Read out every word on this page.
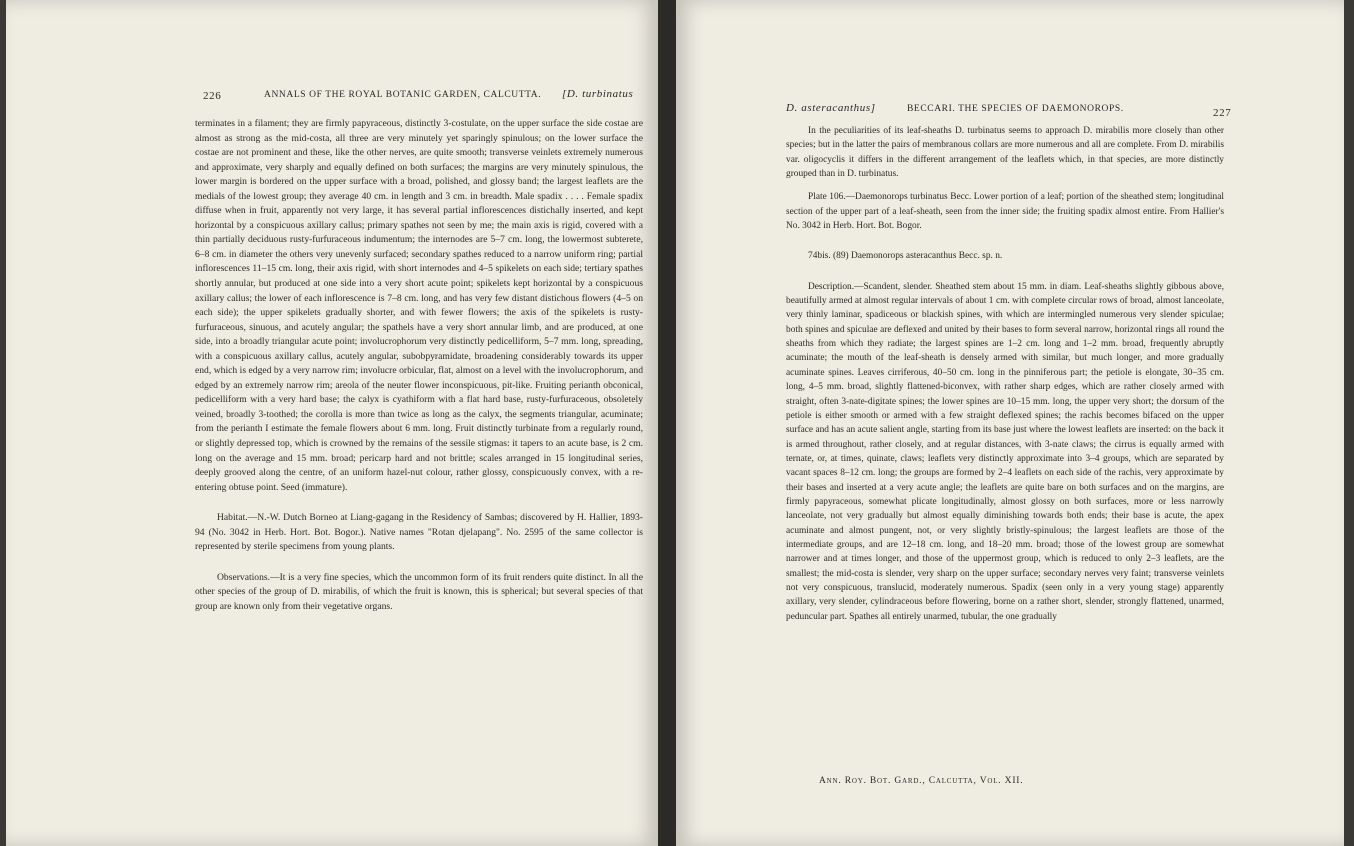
226	ANNALS OF THE ROYAL BOTANIC GARDEN, CALCUTTA. [D. turbinatus

terminates in a filament; they are firmly papyraceous, distinctly 3-costulate, on the upper surface the side costae are almost as strong as the mid-costa, all three are very minutely yet sparingly spinulous; on the lower surface the costae are not prominent and these, like the other nerves, are quite smooth; transverse veinlets extremely numerous and approximate, very sharply and equally defined on both surfaces; the margins are very minutely spinulous, the lower margin is bordered on the upper surface with a broad, polished, and glossy band; the largest leaflets are the medials of the lowest group; they average 40 cm. in length and 3 cm. in breadth. Male spadix . . . . Female spadix diffuse when in fruit, apparently not very large, it has several partial inflorescences distichally inserted, and kept horizontal by a conspicuous axillary callus; primary spathes not seen by me; the main axis is rigid, covered with a thin partially deciduous rusty-furfuraceous indumentum; the internodes are 5–7 cm. long, the lowermost subterete, 6–8 cm. in diameter the others very unevenly surfaced; secondary spathes reduced to a narrow uniform ring; partial inflorescences 11–15 cm. long, their axis rigid, with short internodes and 4–5 spikelets on each side; tertiary spathes shortly annular, but produced at one side into a very short acute point; spikelets kept horizontal by a conspicuous axillary callus; the lower of each inflorescence is 7–8 cm. long, and has very few distant distichous flowers (4–5 on each side); the upper spikelets gradually shorter, and with fewer flowers; the axis of the spikelets is rusty-furfuraceous, sinuous, and acutely angular; the spathels have a very short annular limb, and are produced, at one side, into a broadly triangular acute point; involucrophorum very distinctly pedicelliform, 5–7 mm. long, spreading, with a conspicuous axillary callus, acutely angular, subobpyramidate, broadening considerably towards its upper end, which is edged by a very narrow rim; involucre orbicular, flat, almost on a level with the involucrophorum, and edged by an extremely narrow rim; areola of the neuter flower inconspicuous, pit-like. Fruiting perianth obconical, pedicelliform with a very hard base; the calyx is cyathiform with a flat hard base, rusty-furfuraceous, obsoletely veined, broadly 3-toothed; the corolla is more than twice as long as the calyx, the segments triangular, acuminate; from the perianth I estimate the female flowers about 6 mm. long. Fruit distinctly turbinate from a regularly round, or slightly depressed top, which is crowned by the remains of the sessile stigmas: it tapers to an acute base, is 2 cm. long on the average and 15 mm. broad; pericarp hard and not brittle; scales arranged in 15 longitudinal series, deeply grooved along the centre, of an uniform hazel-nut colour, rather glossy, conspicuously convex, with a re-entering obtuse point. Seed (immature).

Habitat.—N.-W. Dutch Borneo at Liang-gagang in the Residency of Sambas; discovered by H. Hallier, 1893-94 (No. 3042 in Herb. Hort. Bot. Bogor.). Native names "Rotan djelapang". No. 2595 of the same collector is represented by sterile specimens from young plants.

Observations.—It is a very fine species, which the uncommon form of its fruit renders quite distinct. In all the other species of the group of D. mirabilis, of which the fruit is known, this is spherical; but several species of that group are known only from their vegetative organs.

D. asteracanthus]	BECCARI. THE SPECIES OF DAEMONOROPS.	227

In the peculiarities of its leaf-sheaths D. turbinatus seems to approach D. mirabilis more closely than other species; but in the latter the pairs of membranous collars are more numerous and all are complete. From D. mirabilis var. oligocyclis it differs in the different arrangement of the leaflets which, in that species, are more distinctly grouped than in D. turbinatus.

Plate 106.—Daemonorops turbinatus Becc. Lower portion of a leaf; portion of the sheathed stem; longitudinal section of the upper part of a leaf-sheath, seen from the inner side; the fruiting spadix almost entire. From Hallier's No. 3042 in Herb. Hort. Bot. Bogor.

74bis. (89) Daemonorops asteracanthus Becc. sp. n.

Description.—Scandent, slender. Sheathed stem about 15 mm. in diam. Leaf-sheaths slightly gibbous above, beautifully armed at almost regular intervals of about 1 cm. with complete circular rows of broad, almost lanceolate, very thinly laminar, spadiceous or blackish spines, with which are intermingled numerous very slender spiculae; both spines and spiculae are deflexed and united by their bases to form several narrow, horizontal rings all round the sheaths from which they radiate; the largest spines are 1–2 cm. long and 1–2 mm. broad, frequently abruptly acuminate; the mouth of the leaf-sheath is densely armed with similar, but much longer, and more gradually acuminate spines. Leaves cirriferous, 40–50 cm. long in the pinniferous part; the petiole is elongate, 30–35 cm. long, 4–5 mm. broad, slightly flattened-biconvex, with rather sharp edges, which are rather closely armed with straight, often 3-nate-digitate spines; the lower spines are 10–15 mm. long, the upper very short; the dorsum of the petiole is either smooth or armed with a few straight deflexed spines; the rachis becomes bifaced on the upper surface and has an acute salient angle, starting from its base just where the lowest leaflets are inserted: on the back it is armed throughout, rather closely, and at regular distances, with 3-nate claws; the cirrus is equally armed with ternate, or, at times, quinate, claws; leaflets very distinctly approximate into 3–4 groups, which are separated by vacant spaces 8–12 cm. long; the groups are formed by 2–4 leaflets on each side of the rachis, very approximate by their bases and inserted at a very acute angle; the leaflets are quite bare on both surfaces and on the margins, are firmly papyraceous, somewhat plicate longitudinally, almost glossy on both surfaces, more or less narrowly lanceolate, not very gradually but almost equally diminishing towards both ends; their base is acute, the apex acuminate and almost pungent, not, or very slightly bristly-spinulous; the largest leaflets are those of the intermediate groups, and are 12–18 cm. long, and 18–20 mm. broad; those of the lowest group are somewhat narrower and at times longer, and those of the uppermost group, which is reduced to only 2–3 leaflets, are the smallest; the mid-costa is slender, very sharp on the upper surface; secondary nerves very faint; transverse veinlets not very conspicuous, translucid, moderately numerous. Spadix (seen only in a very young stage) apparently axillary, very slender, cylindraceous before flowering, borne on a rather short, slender, strongly flattened, unarmed, peduncular part. Spathes all entirely unarmed, tubular, the one gradually

Ann. Roy. Bot. Gard., Calcutta, Vol. XII.
